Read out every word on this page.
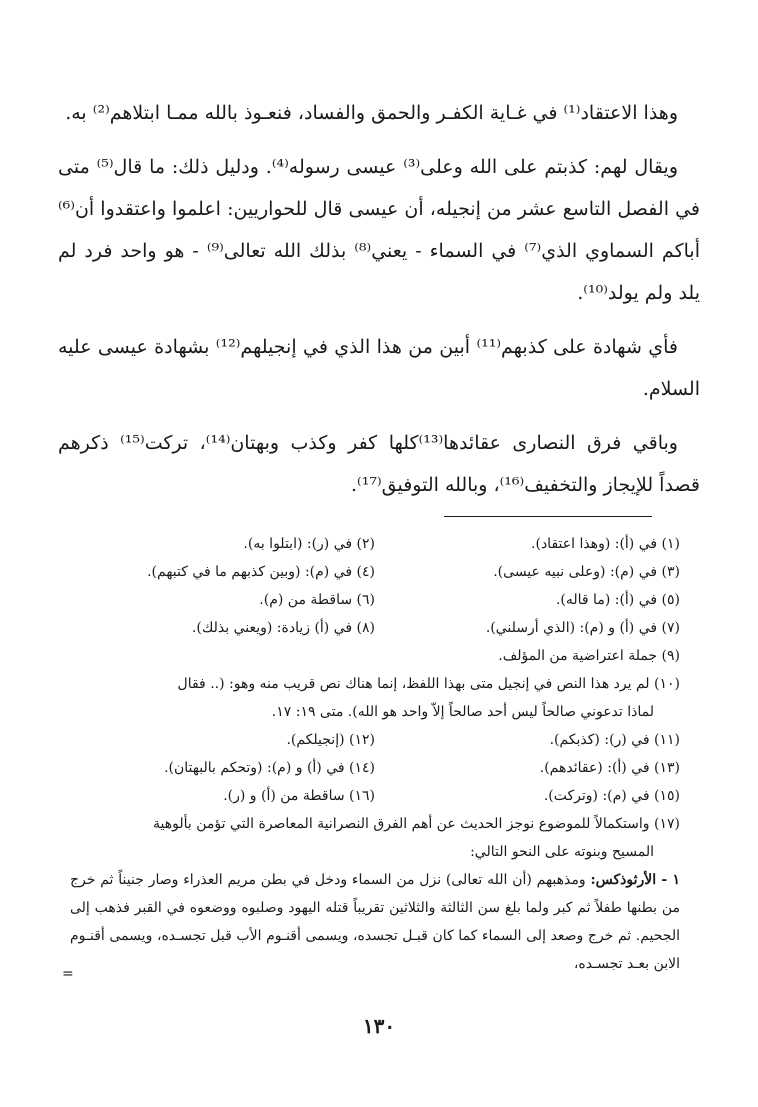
وهذا الاعتقاد⁽¹⁾ في غـاية الكفـر والحمق والفساد، فنعـوذ بالله ممـا ابتلاهم⁽²⁾ به.

ويقال لهم: كذبتم على الله وعلى⁽³⁾ عيسى رسوله⁽⁴⁾. ودليل ذلك: ما قال⁽⁵⁾ متى في الفصل التاسع عشر من إنجيله، أن عيسى قال للحواريين: اعلموا واعتقدوا أن⁽⁶⁾ أباكم السماوي الذي⁽⁷⁾ في السماء - يعني⁽⁸⁾ بذلك الله تعالى⁽⁹⁾ - هو واحد فرد لم يلد ولم يولد⁽¹⁰⁾.

فأي شهادة على كذبهم⁽¹¹⁾ أبين من هذا الذي في إنجيلهم⁽¹²⁾ بشهادة عيسى عليه السلام.

وباقي فرق النصارى عقائدها⁽¹³⁾كلها كفر وكذب وبهتان⁽¹⁴⁾، تركت⁽¹⁵⁾ ذكرهم قصداً للإيجاز والتخفيف⁽¹⁶⁾، وبالله التوفيق⁽¹⁷⁾.

(١) في (أ): (وهذا اعتقاد).
(٢) في (ر): (ابتلوا به).
(٣) في (م): (وعلى نبيه عيسى).
(٤) في (م): (وبين كذبهم ما في كتبهم).
(٥) في (أ): (ما قاله).
(٦) ساقطة من (م).
(٧) في (أ) و (م): (الذي أرسلني).
(٨) في (أ) زيادة: (ويعني بذلك).
(٩) جملة اعتراضية من المؤلف.
(١٠) لم يرد هذا النص في إنجيل متى بهذا اللفظ، إنما هناك نص قريب منه وهو: (.. فقال
لماذا تدعوني صالحاً ليس أحد صالحاً إلاّ واحد هو الله). متى ١٩: ١٧.
(١١) في (ر): (كذبكم).
(١٢) (إنجيلكم).
(١٣) في (أ): (عقائدهم).
(١٤) في (أ) و (م): (وتحكم بالبهتان).
(١٥) في (م): (وتركت).
(١٦) ساقطة من (أ) و (ر).
(١٧) واستكمالاً للموضوع نوجز الحديث عن أهم الفرق النصرانية المعاصرة التي تؤمن بألوهية
المسيح وبنوته على النحو التالي:
١ - الأرثوذكس: ومذهبهم (أن الله تعالى) نزل من السماء ودخل في بطن مريم العذراء وصار جنيناً ثم خرج من بطنها طفلاً ثم كبر ولما بلغ سن الثالثة والثلاثين تقريباً قتله اليهود وصلبوه ووضعوه في القبر فذهب إلى الجحيم. ثم خرج وصعد إلى السماء كما كان قبـل تجسده، ويسمى أقنـوم الأب قبل تجسـده، ويسمى أقنـوم الابن بعـد تجسـده،
=
١٣٠
